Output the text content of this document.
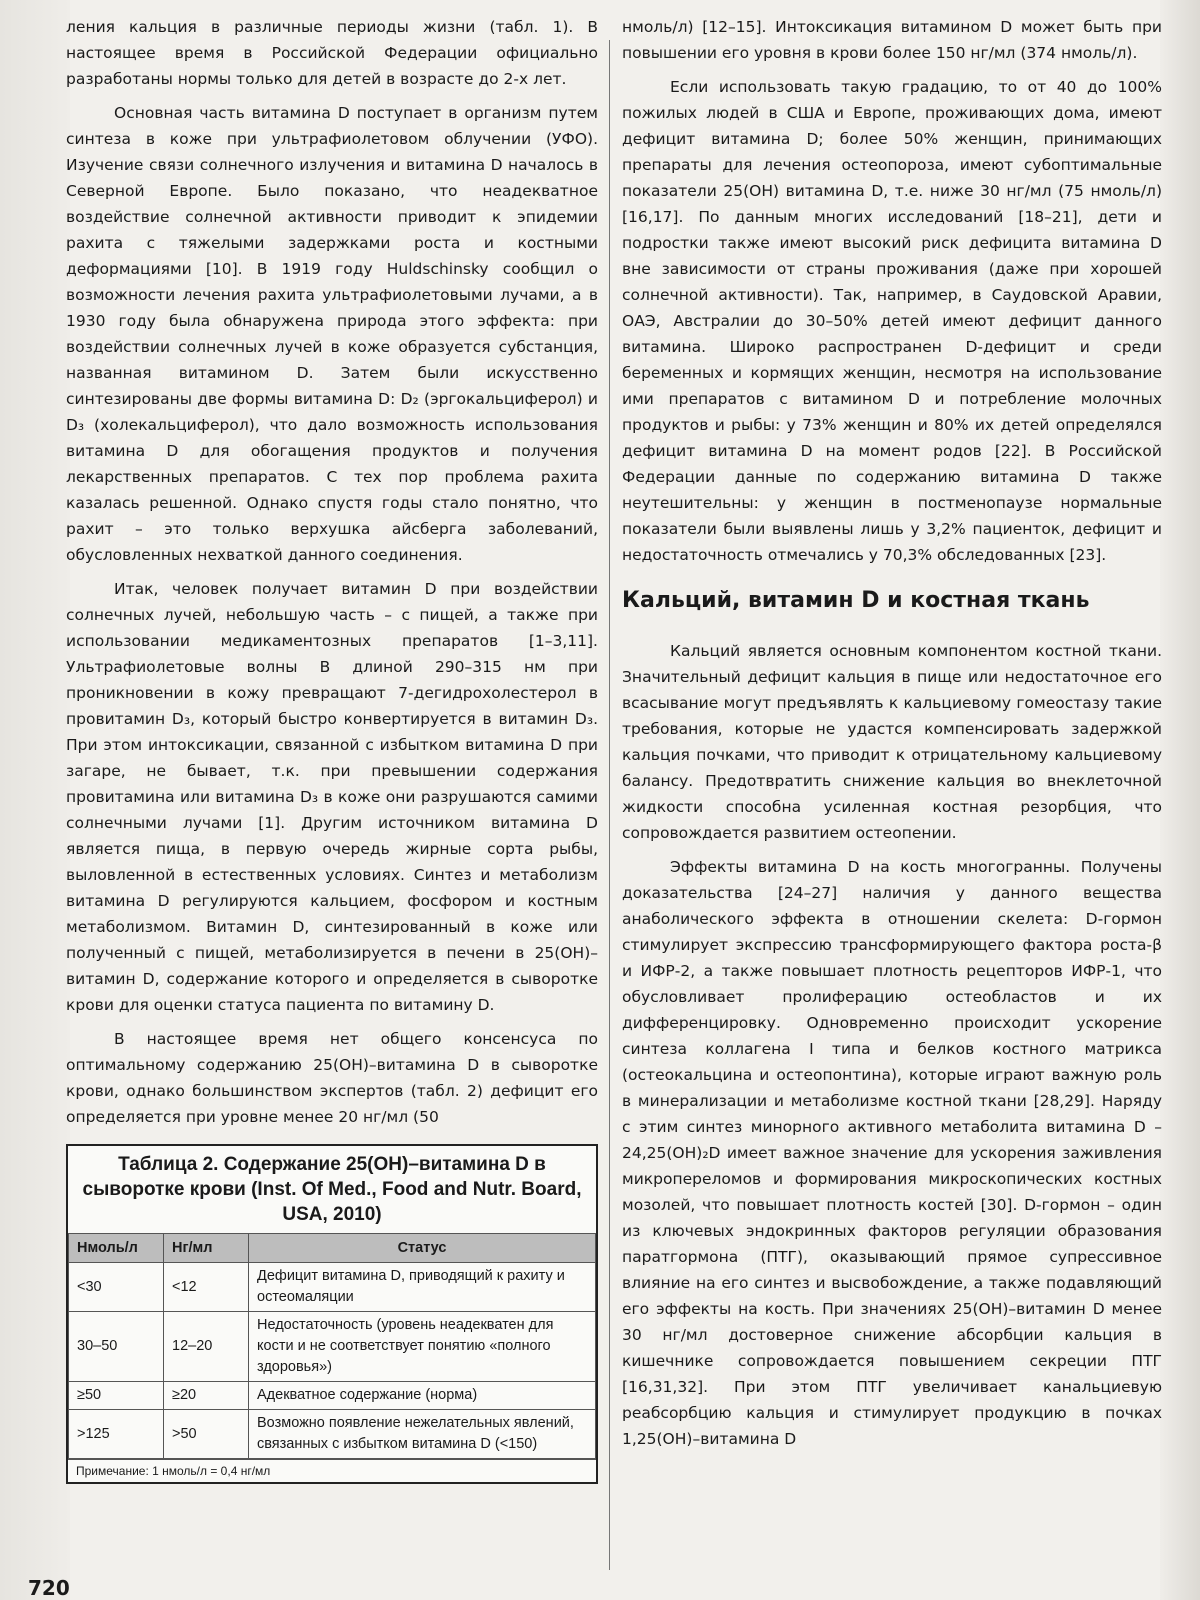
ления кальция в различные периоды жизни (табл. 1). В настоящее время в Российской Федерации официально разработаны нормы только для детей в возрасте до 2-х лет.

Основная часть витамина D поступает в организм путем синтеза в коже при ультрафиолетовом облучении (УФО). Изучение связи солнечного излучения и витамина D началось в Северной Европе. Было показано, что неадекватное воздействие солнечной активности приводит к эпидемии рахита с тяжелыми задержками роста и костными деформациями [10]. В 1919 году Huldschinsky сообщил о возможности лечения рахита ультрафиолетовыми лучами, а в 1930 году была обнаружена природа этого эффекта: при воздействии солнечных лучей в коже образуется субстанция, названная витамином D. Затем были искусственно синтезированы две формы витамина D: D₂ (эргокальциферол) и D₃ (холекальциферол), что дало возможность использования витамина D для обогащения продуктов и получения лекарственных препаратов. С тех пор проблема рахита казалась решенной. Однако спустя годы стало понятно, что рахит – это только верхушка айсберга заболеваний, обусловленных нехваткой данного соединения.

Итак, человек получает витамин D при воздействии солнечных лучей, небольшую часть – с пищей, а также при использовании медикаментозных препаратов [1–3,11]. Ультрафиолетовые волны В длиной 290–315 нм при проникновении в кожу превращают 7-дегидрохолестерол в провитамин D₃, который быстро конвертируется в витамин D₃. При этом интоксикации, связанной с избытком витамина D при загаре, не бывает, т.к. при превышении содержания провитамина или витамина D₃ в коже они разрушаются самими солнечными лучами [1]. Другим источником витамина D является пища, в первую очередь жирные сорта рыбы, выловленной в естественных условиях. Синтез и метаболизм витамина D регулируются кальцием, фосфором и костным метаболизмом. Витамин D, синтезированный в коже или полученный с пищей, метаболизируется в печени в 25(OH)–витамин D, содержание которого и определяется в сыворотке крови для оценки статуса пациента по витамину D.

В настоящее время нет общего консенсуса по оптимальному содержанию 25(OH)–витамина D в сыворотке крови, однако большинством экспертов (табл. 2) дефицит его определяется при уровне менее 20 нг/мл (50

Таблица 2. Содержание 25(OH)–витамина D в сыворотке крови (Inst. Of Med., Food and Nutr. Board, USA, 2010)
Нмоль/л	Нг/мл	Статус
<30	<12	Дефицит витамина D, приводящий к рахиту и остеомаляции
30–50	12–20	Недостаточность (уровень неадекватен для кости и не соответствует понятию «полного здоровья»)
≥50	≥20	Адекватное содержание (норма)
>125	>50	Возможно появление нежелательных явлений, связанных с избытком витамина D (<150)
Примечание: 1 нмоль/л = 0,4 нг/мл

нмоль/л) [12–15]. Интоксикация витамином D может быть при повышении его уровня в крови более 150 нг/мл (374 нмоль/л).

Если использовать такую градацию, то от 40 до 100% пожилых людей в США и Европе, проживающих дома, имеют дефицит витамина D; более 50% женщин, принимающих препараты для лечения остеопороза, имеют субоптимальные показатели 25(OH) витамина D, т.е. ниже 30 нг/мл (75 нмоль/л) [16,17]. По данным многих исследований [18–21], дети и подростки также имеют высокий риск дефицита витамина D вне зависимости от страны проживания (даже при хорошей солнечной активности). Так, например, в Саудовской Аравии, ОАЭ, Австралии до 30–50% детей имеют дефицит данного витамина. Широко распространен D-дефицит и среди беременных и кормящих женщин, несмотря на использование ими препаратов с витамином D и потребление молочных продуктов и рыбы: у 73% женщин и 80% их детей определялся дефицит витамина D на момент родов [22]. В Российской Федерации данные по содержанию витамина D также неутешительны: у женщин в постменопаузе нормальные показатели были выявлены лишь у 3,2% пациенток, дефицит и недостаточность отмечались у 70,3% обследованных [23].

Кальций, витамин D и костная ткань

Кальций является основным компонентом костной ткани. Значительный дефицит кальция в пище или недостаточное его всасывание могут предъявлять к кальциевому гомеостазу такие требования, которые не удастся компенсировать задержкой кальция почками, что приводит к отрицательному кальциевому балансу. Предотвратить снижение кальция во внеклеточной жидкости способна усиленная костная резорбция, что сопровождается развитием остеопении.

Эффекты витамина D на кость многогранны. Получены доказательства [24–27] наличия у данного вещества анаболического эффекта в отношении скелета: D-гормон стимулирует экспрессию трансформирующего фактора роста-β и ИФР-2, а также повышает плотность рецепторов ИФР-1, что обусловливает пролиферацию остеобластов и их дифференцировку. Одновременно происходит ускорение синтеза коллагена I типа и белков костного матрикса (остеокальцина и остеопонтина), которые играют важную роль в минерализации и метаболизме костной ткани [28,29]. Наряду с этим синтез минорного активного метаболита витамина D – 24,25(OH)₂D имеет важное значение для ускорения заживления микропереломов и формирования микроскопических костных мозолей, что повышает плотность костей [30]. D-гормон – один из ключевых эндокринных факторов регуляции образования паратгормона (ПТГ), оказывающий прямое супрессивное влияние на его синтез и высвобождение, а также подавляющий его эффекты на кость. При значениях 25(OH)–витамин D менее 30 нг/мл достоверное снижение абсорбции кальция в кишечнике сопровождается повышением секреции ПТГ [16,31,32]. При этом ПТГ увеличивает канальциевую реабсорбцию кальция и стимулирует продукцию в почках 1,25(OH)–витамина D

720
